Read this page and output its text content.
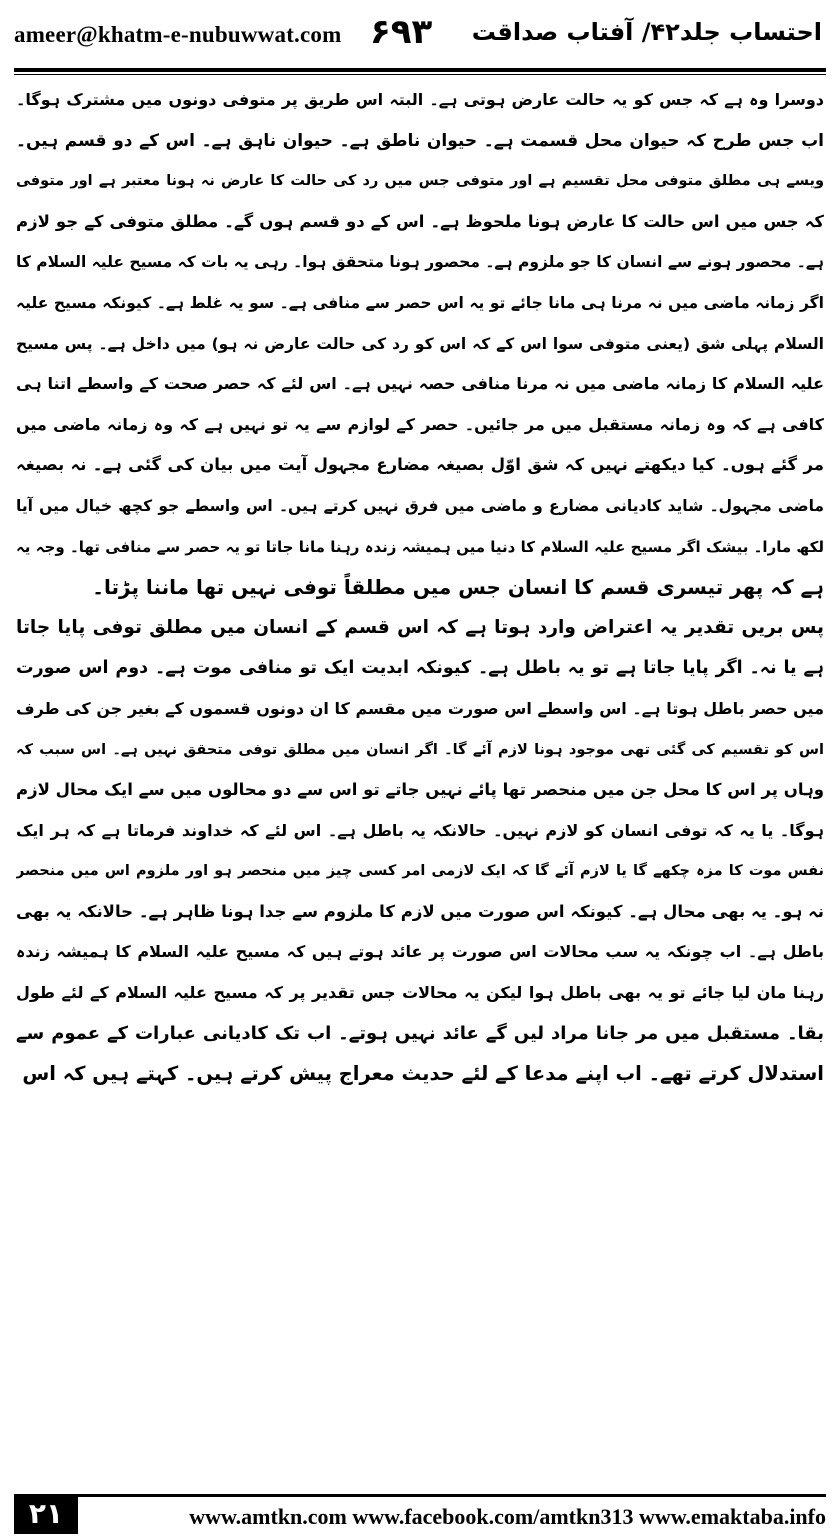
ameer@khatm-e-nubuwwat.com ۶۹۳ احتساب جلد۴۲/ آفتاب صداقت
دوسرا وہ ہے کہ جس کو یہ حالت عارض ہوتی ہے۔ البتہ اس طریق پر متوفی دونوں میں مشترک ہوگا۔
اب جس طرح کہ حیوان محل قسمت ہے۔ حیوان ناطق ہے۔ حیوان ناہق ہے۔ اس کے دو قسم ہیں۔
ویسے ہی مطلق متوفی محل تقسیم ہے اور متوفی جس میں رد کی حالت کا عارض نہ ہونا معتبر ہے اور متوفی
کہ جس میں اس حالت کا عارض ہونا ملحوظ ہے۔ اس کے دو قسم ہوں گے۔ مطلق متوفی کے جو لازم
ہے۔ محصور ہونے سے انسان کا جو ملزوم ہے۔ محصور ہونا متحقق ہوا۔ رہی یہ بات کہ مسیح علیہ السلام کا
اگر زمانہ ماضی میں نہ مرنا ہی مانا جائے تو یہ اس حصر سے منافی ہے۔ سو یہ غلط ہے۔ کیونکہ مسیح علیہ
السلام پہلی شق (یعنی متوفی سوا اس کے کہ اس کو رد کی حالت عارض نہ ہو) میں داخل ہے۔ پس مسیح
علیہ السلام کا زمانہ ماضی میں نہ مرنا منافی حصہ نہیں ہے۔ اس لئے کہ حصر صحت کے واسطے اتنا ہی
کافی ہے کہ وہ زمانہ مستقبل میں مر جائیں۔ حصر کے لوازم سے یہ تو نہیں ہے کہ وہ زمانہ ماضی میں
مر گئے ہوں۔ کیا دیکھتے نہیں کہ شق اوّل بصیغہ مضارع مجہول آیت میں بیان کی گئی ہے۔ نہ بصیغہ
ماضی مجہول۔ شاید کادیانی مضارع و ماضی میں فرق نہیں کرتے ہیں۔ اس واسطے جو کچھ خیال میں آیا
لکھ مارا۔ بیشک اگر مسیح علیہ السلام کا دنیا میں ہمیشہ زندہ رہنا مانا جاتا تو یہ حصر سے منافی تھا۔ وجہ یہ
ہے کہ پھر تیسری قسم کا انسان جس میں مطلقاً توفی نہیں تھا ماننا پڑتا۔
پس بریں تقدیر یہ اعتراض وارد ہوتا ہے کہ اس قسم کے انسان میں مطلق توفی پایا جاتا
ہے یا نہ۔ اگر پایا جاتا ہے تو یہ باطل ہے۔ کیونکہ ابدیت ایک تو منافی موت ہے۔ دوم اس صورت
میں حصر باطل ہوتا ہے۔ اس واسطے اس صورت میں مقسم کا ان دونوں قسموں کے بغیر جن کی طرف
اس کو تقسیم کی گئی تھی موجود ہونا لازم آئے گا۔ اگر انسان میں مطلق توفی متحقق نہیں ہے۔ اس سبب کہ
وہاں پر اس کا محل جن میں منحصر تھا پائے نہیں جاتے تو اس سے دو محالوں میں سے ایک محال لازم
ہوگا۔ یا یہ کہ توفی انسان کو لازم نہیں۔ حالانکہ یہ باطل ہے۔ اس لئے کہ خداوند فرماتا ہے کہ ہر ایک
نفس موت کا مزہ چکھے گا یا لازم آئے گا کہ ایک لازمی امر کسی چیز میں منحصر ہو اور ملزوم اس میں منحصر
نہ ہو۔ یہ بھی محال ہے۔ کیونکہ اس صورت میں لازم کا ملزوم سے جدا ہونا ظاہر ہے۔ حالانکہ یہ بھی
باطل ہے۔ اب چونکہ یہ سب محالات اس صورت پر عائد ہوتے ہیں کہ مسیح علیہ السلام کا ہمیشہ زندہ
رہنا مان لیا جائے تو یہ بھی باطل ہوا لیکن یہ محالات جس تقدیر پر کہ مسیح علیہ السلام کے لئے طول
بقا۔ مستقبل میں مر جانا مراد لیں گے عائد نہیں ہوتے۔ اب تک کادیانی عبارات کے عموم سے
استدلال کرتے تھے۔ اب اپنے مدعا کے لئے حدیث معراج پیش کرتے ہیں۔ کہتے ہیں کہ اس
۲۱	www.amtkn.com www.facebook.com/amtkn313 www.emaktaba.info
